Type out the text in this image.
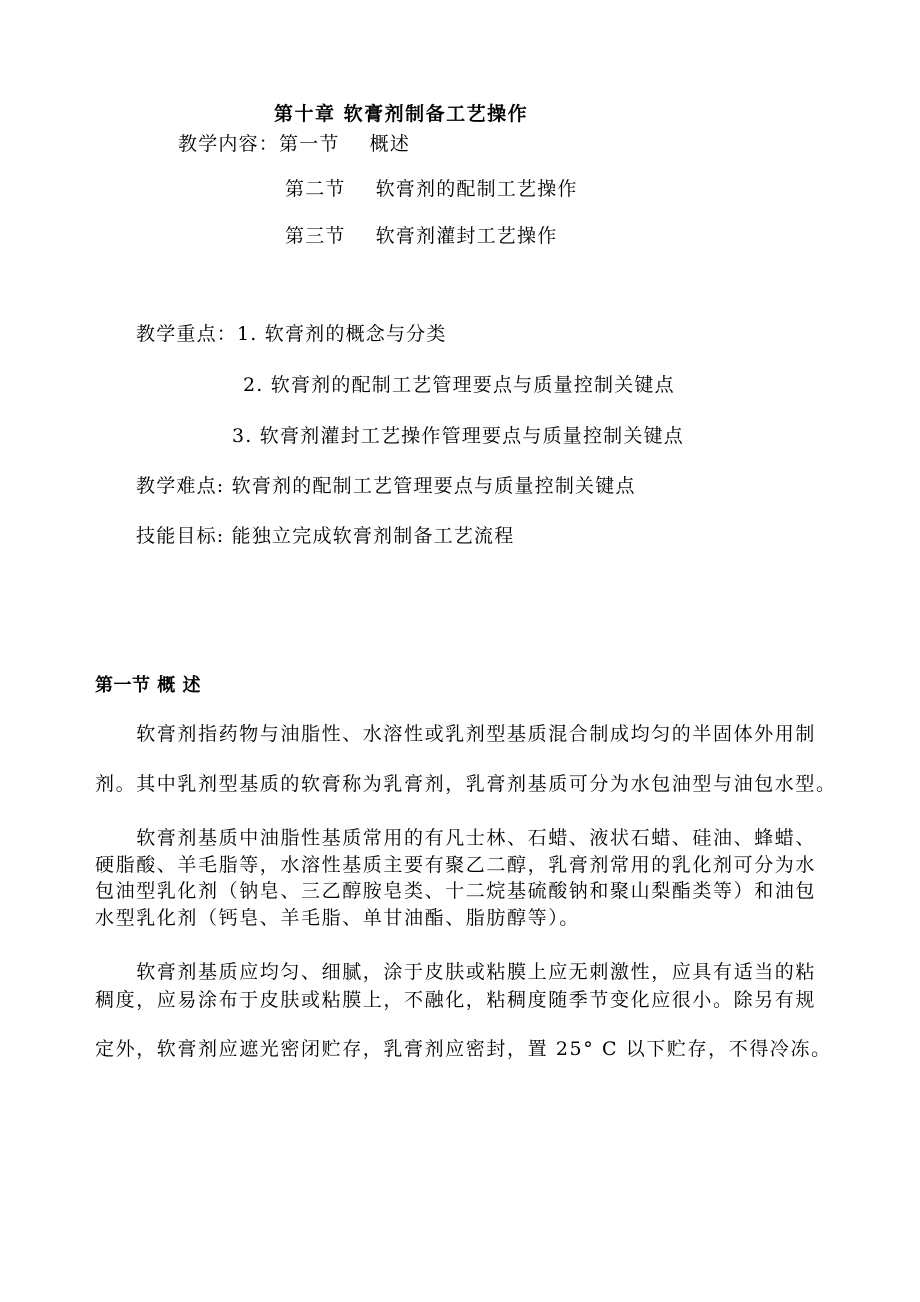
第十章 软膏剂制备工艺操作
教学内容：第一节 概述
第二节 软膏剂的配制工艺操作
第三节 软膏剂灌封工艺操作
教学重点：1. 软膏剂的概念与分类
2. 软膏剂的配制工艺管理要点与质量控制关键点
3. 软膏剂灌封工艺操作管理要点与质量控制关键点
教学难点: 软膏剂的配制工艺管理要点与质量控制关键点
技能目标: 能独立完成软膏剂制备工艺流程
第一节 概 述
　　软膏剂指药物与油脂性、水溶性或乳剂型基质混合制成均匀的半固体外用制
剂。其中乳剂型基质的软膏称为乳膏剂，乳膏剂基质可分为水包油型与油包水型。
　　软膏剂基质中油脂性基质常用的有凡士林、石蜡、液状石蜡、硅油、蜂蜡、
硬脂酸、羊毛脂等，水溶性基质主要有聚乙二醇，乳膏剂常用的乳化剂可分为水
包油型乳化剂（钠皂、三乙醇胺皂类、十二烷基硫酸钠和聚山梨酯类等）和油包
水型乳化剂（钙皂、羊毛脂、单甘油酯、脂肪醇等）。
　　软膏剂基质应均匀、细腻，涂于皮肤或粘膜上应无刺激性，应具有适当的粘
稠度，应易涂布于皮肤或粘膜上，不融化，粘稠度随季节变化应很小。除另有规
定外，软膏剂应遮光密闭贮存，乳膏剂应密封，置 25° C 以下贮存，不得冷冻。
